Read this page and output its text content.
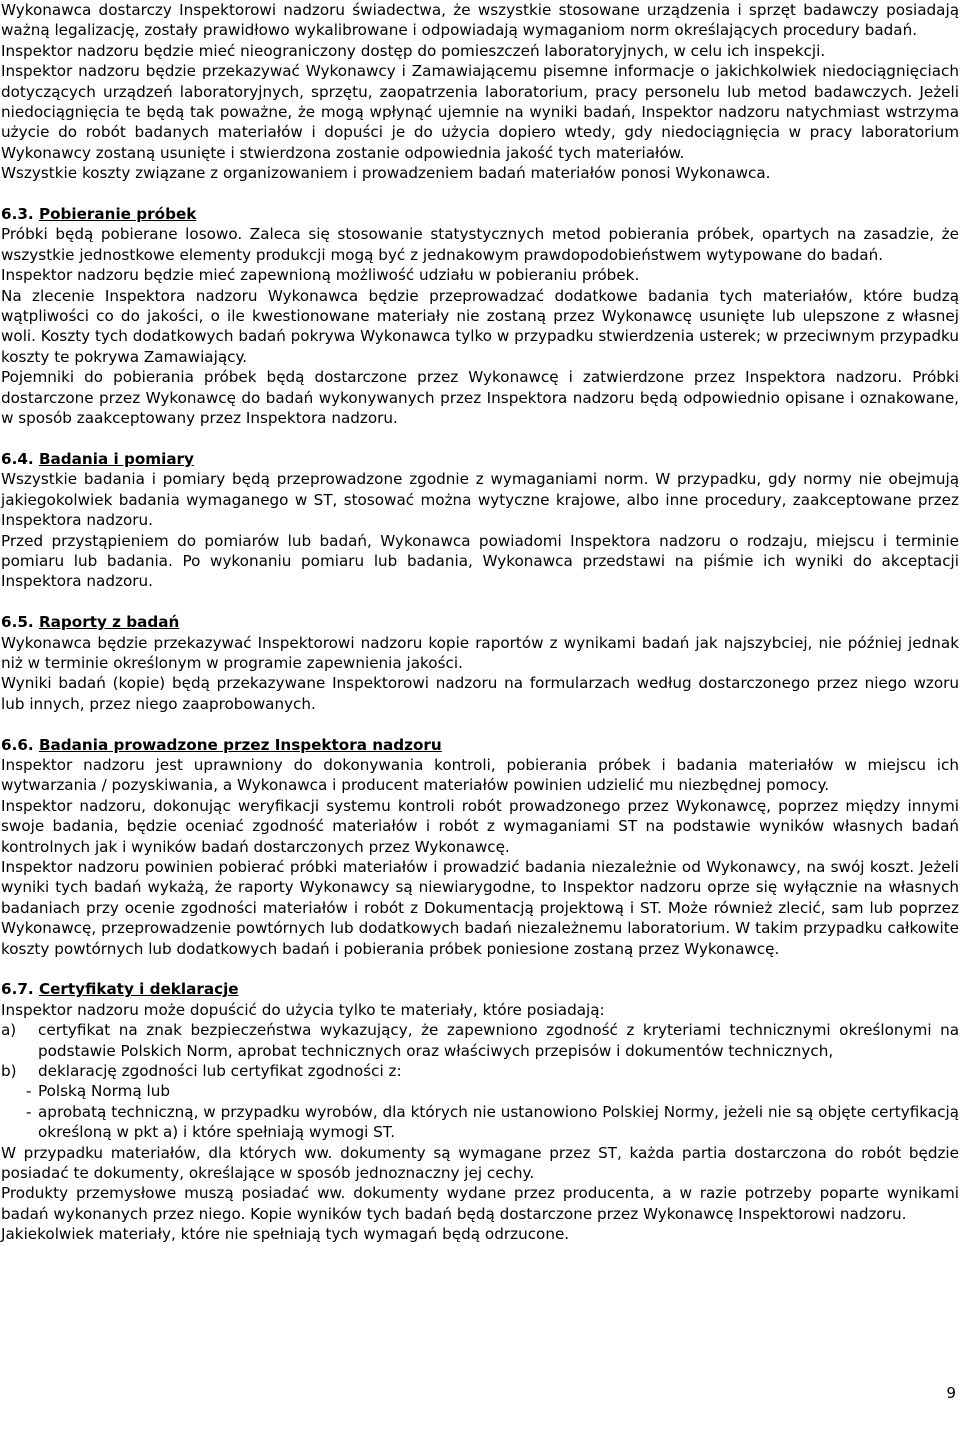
Wykonawca dostarczy Inspektorowi nadzoru świadectwa, że wszystkie stosowane urządzenia i sprzęt badawczy posiadają ważną legalizację, zostały prawidłowo wykalibrowane i odpowiadają wymaganiom norm określających procedury badań.

Inspektor nadzoru będzie mieć nieograniczony dostęp do pomieszczeń laboratoryjnych, w celu ich inspekcji.

Inspektor nadzoru będzie przekazywać Wykonawcy i Zamawiającemu pisemne informacje o jakichkolwiek niedociągnięciach dotyczących urządzeń laboratoryjnych, sprzętu, zaopatrzenia laboratorium, pracy personelu lub metod badawczych. Jeżeli niedociągnięcia te będą tak poważne, że mogą wpłynąć ujemnie na wyniki badań, Inspektor nadzoru natychmiast wstrzyma użycie do robót badanych materiałów i dopuści je do użycia dopiero wtedy, gdy niedociągnięcia w pracy laboratorium Wykonawcy zostaną usunięte i stwierdzona zostanie odpowiednia jakość tych materiałów.

Wszystkie koszty związane z organizowaniem i prowadzeniem badań materiałów ponosi Wykonawca.

6.3. Pobieranie próbek

Próbki będą pobierane losowo. Zaleca się stosowanie statystycznych metod pobierania próbek, opartych na zasadzie, że wszystkie jednostkowe elementy produkcji mogą być z jednakowym prawdopodobieństwem wytypowane do badań.

Inspektor nadzoru będzie mieć zapewnioną możliwość udziału w pobieraniu próbek.

Na zlecenie Inspektora nadzoru Wykonawca będzie przeprowadzać dodatkowe badania tych materiałów, które budzą wątpliwości co do jakości, o ile kwestionowane materiały nie zostaną przez Wykonawcę usunięte lub ulepszone z własnej woli. Koszty tych dodatkowych badań pokrywa Wykonawca tylko w przypadku stwierdzenia usterek; w przeciwnym przypadku koszty te pokrywa Zamawiający.

Pojemniki do pobierania próbek będą dostarczone przez Wykonawcę i zatwierdzone przez Inspektora nadzoru. Próbki dostarczone przez Wykonawcę do badań wykonywanych przez Inspektora nadzoru będą odpowiednio opisane i oznakowane, w sposób zaakceptowany przez Inspektora nadzoru.

6.4. Badania i pomiary

Wszystkie badania i pomiary będą przeprowadzone zgodnie z wymaganiami norm. W przypadku, gdy normy nie obejmują jakiegokolwiek badania wymaganego w ST, stosować można wytyczne krajowe, albo inne procedury, zaakceptowane przez Inspektora nadzoru.

Przed przystąpieniem do pomiarów lub badań, Wykonawca powiadomi Inspektora nadzoru o rodzaju, miejscu i terminie pomiaru lub badania. Po wykonaniu pomiaru lub badania, Wykonawca przedstawi na piśmie ich wyniki do akceptacji Inspektora nadzoru.

6.5. Raporty z badań

Wykonawca będzie przekazywać Inspektorowi nadzoru kopie raportów z wynikami badań jak najszybciej, nie później jednak niż w terminie określonym w programie zapewnienia jakości.

Wyniki badań (kopie) będą przekazywane Inspektorowi nadzoru na formularzach według dostarczonego przez niego wzoru lub innych, przez niego zaaprobowanych.

6.6. Badania prowadzone przez Inspektora nadzoru

Inspektor nadzoru jest uprawniony do dokonywania kontroli, pobierania próbek i badania materiałów w miejscu ich wytwarzania / pozyskiwania, a Wykonawca i producent materiałów powinien udzielić mu niezbędnej pomocy.

Inspektor nadzoru, dokonując weryfikacji systemu kontroli robót prowadzonego przez Wykonawcę, poprzez między innymi swoje badania, będzie oceniać zgodność materiałów i robót z wymaganiami ST na podstawie wyników własnych badań kontrolnych jak i wyników badań dostarczonych przez Wykonawcę.

Inspektor nadzoru powinien pobierać próbki materiałów i prowadzić badania niezależnie od Wykonawcy, na swój koszt. Jeżeli wyniki tych badań wykażą, że raporty Wykonawcy są niewiarygodne, to Inspektor nadzoru oprze się wyłącznie na własnych badaniach przy ocenie zgodności materiałów i robót z Dokumentacją projektową i ST. Może również zlecić, sam lub poprzez Wykonawcę, przeprowadzenie powtórnych lub dodatkowych badań niezależnemu laboratorium. W takim przypadku całkowite koszty powtórnych lub dodatkowych badań i pobierania próbek poniesione zostaną przez Wykonawcę.

6.7. Certyfikaty i deklaracje

Inspektor nadzoru może dopuścić do użycia tylko te materiały, które posiadają:

a) certyfikat na znak bezpieczeństwa wykazujący, że zapewniono zgodność z kryteriami technicznymi określonymi na podstawie Polskich Norm, aprobat technicznych oraz właściwych przepisów i dokumentów technicznych,
b) deklarację zgodności lub certyfikat zgodności z:
- Polską Normą lub
- aprobatą techniczną, w przypadku wyrobów, dla których nie ustanowiono Polskiej Normy, jeżeli nie są objęte certyfikacją określoną w pkt a) i które spełniają wymogi ST.

W przypadku materiałów, dla których ww. dokumenty są wymagane przez ST, każda partia dostarczona do robót będzie posiadać te dokumenty, określające w sposób jednoznaczny jej cechy.

Produkty przemysłowe muszą posiadać ww. dokumenty wydane przez producenta, a w razie potrzeby poparte wynikami badań wykonanych przez niego. Kopie wyników tych badań będą dostarczone przez Wykonawcę Inspektorowi nadzoru.

Jakiekolwiek materiały, które nie spełniają tych wymagań będą odrzucone.

9
